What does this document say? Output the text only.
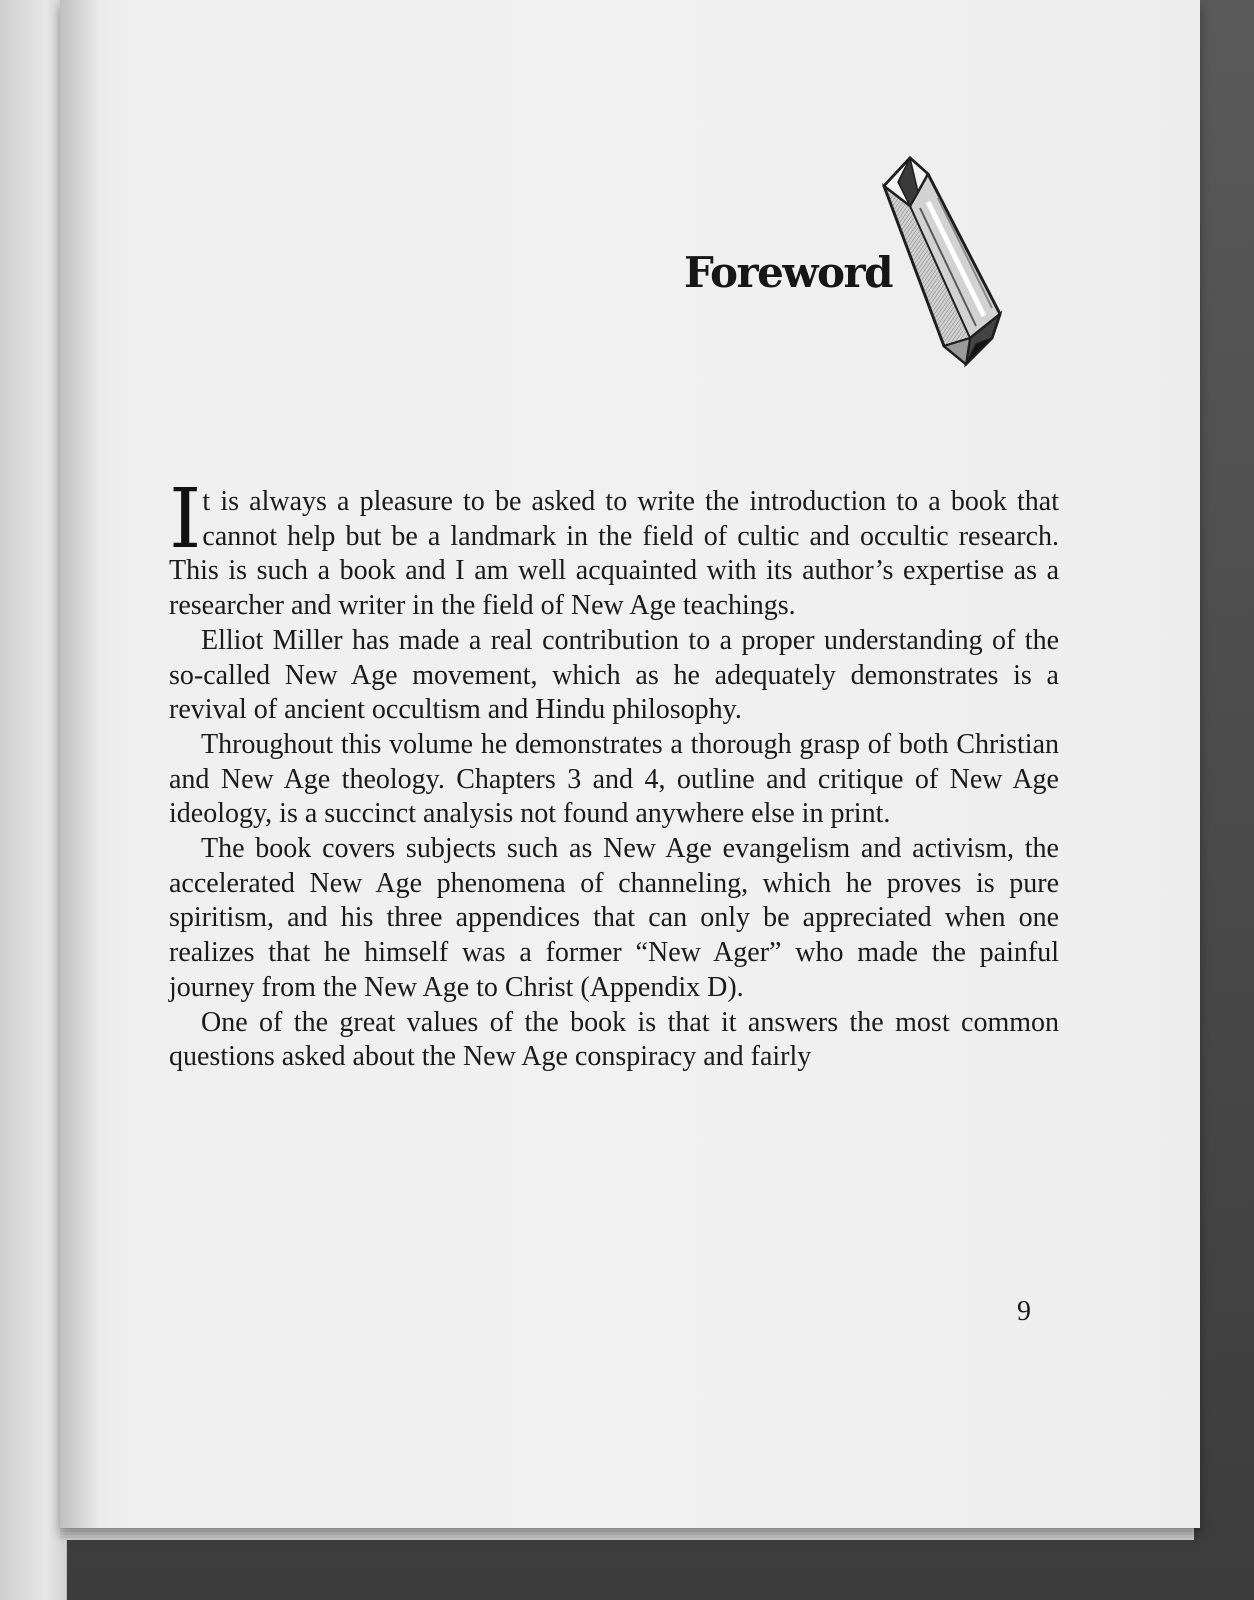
Foreword

It is always a pleasure to be asked to write the introduction to a book that cannot help but be a landmark in the field of cultic and occultic research. This is such a book and I am well acquainted with its author’s expertise as a researcher and writer in the field of New Age teachings.

Elliot Miller has made a real contribution to a proper understanding of the so-called New Age movement, which as he adequately demonstrates is a revival of ancient occultism and Hindu philosophy.

Throughout this volume he demonstrates a thorough grasp of both Christian and New Age theology. Chapters 3 and 4, outline and critique of New Age ideology, is a succinct analysis not found anywhere else in print.

The book covers subjects such as New Age evangelism and activism, the accelerated New Age phenomena of channeling, which he proves is pure spiritism, and his three appendices that can only be appreciated when one realizes that he himself was a former “New Ager” who made the painful journey from the New Age to Christ (Appendix D).

One of the great values of the book is that it answers the most common questions asked about the New Age conspiracy and fairly

9
